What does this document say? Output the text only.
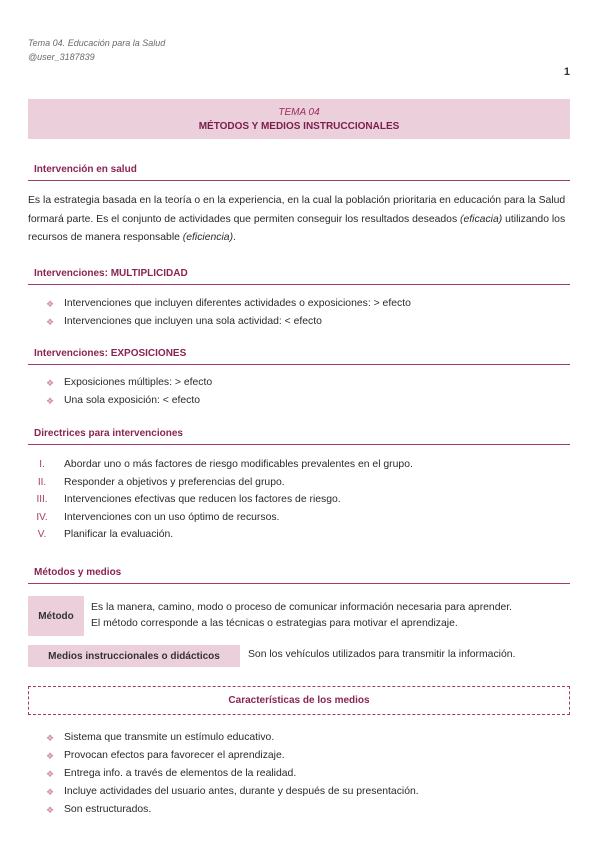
Tema 04. Educación para la Salud
@user_3187839
1
TEMA 04
MÉTODOS Y MEDIOS INSTRUCCIONALES
Intervención en salud
Es la estrategia basada en la teoría o en la experiencia, en la cual la población prioritaria en educación para la Salud formará parte. Es el conjunto de actividades que permiten conseguir los resultados deseados (eficacia) utilizando los recursos de manera responsable (eficiencia).
Intervenciones: MULTIPLICIDAD
❖ Intervenciones que incluyen diferentes actividades o exposiciones: > efecto
❖ Intervenciones que incluyen una sola actividad: < efecto
Intervenciones: EXPOSICIONES
❖ Exposiciones múltiples: > efecto
❖ Una sola exposición: < efecto
Directrices para intervenciones
I.	Abordar uno o más factores de riesgo modificables prevalentes en el grupo.
II.	Responder a objetivos y preferencias del grupo.
III. Intervenciones efectivas que reducen los factores de riesgo.
IV. Intervenciones con un uso óptimo de recursos.
V.	Planificar la evaluación.
Métodos y medios
Método
Es la manera, camino, modo o proceso de comunicar información necesaria para aprender.
El método corresponde a las técnicas o estrategias para motivar el aprendizaje.
Medios instruccionales o didácticos	Son los vehículos utilizados para transmitir la información.
Características de los medios
❖ Sistema que transmite un estímulo educativo.
❖ Provocan efectos para favorecer el aprendizaje.
❖ Entrega info. a través de elementos de la realidad.
❖ Incluye actividades del usuario antes, durante y después de su presentación.
❖ Son estructurados.
